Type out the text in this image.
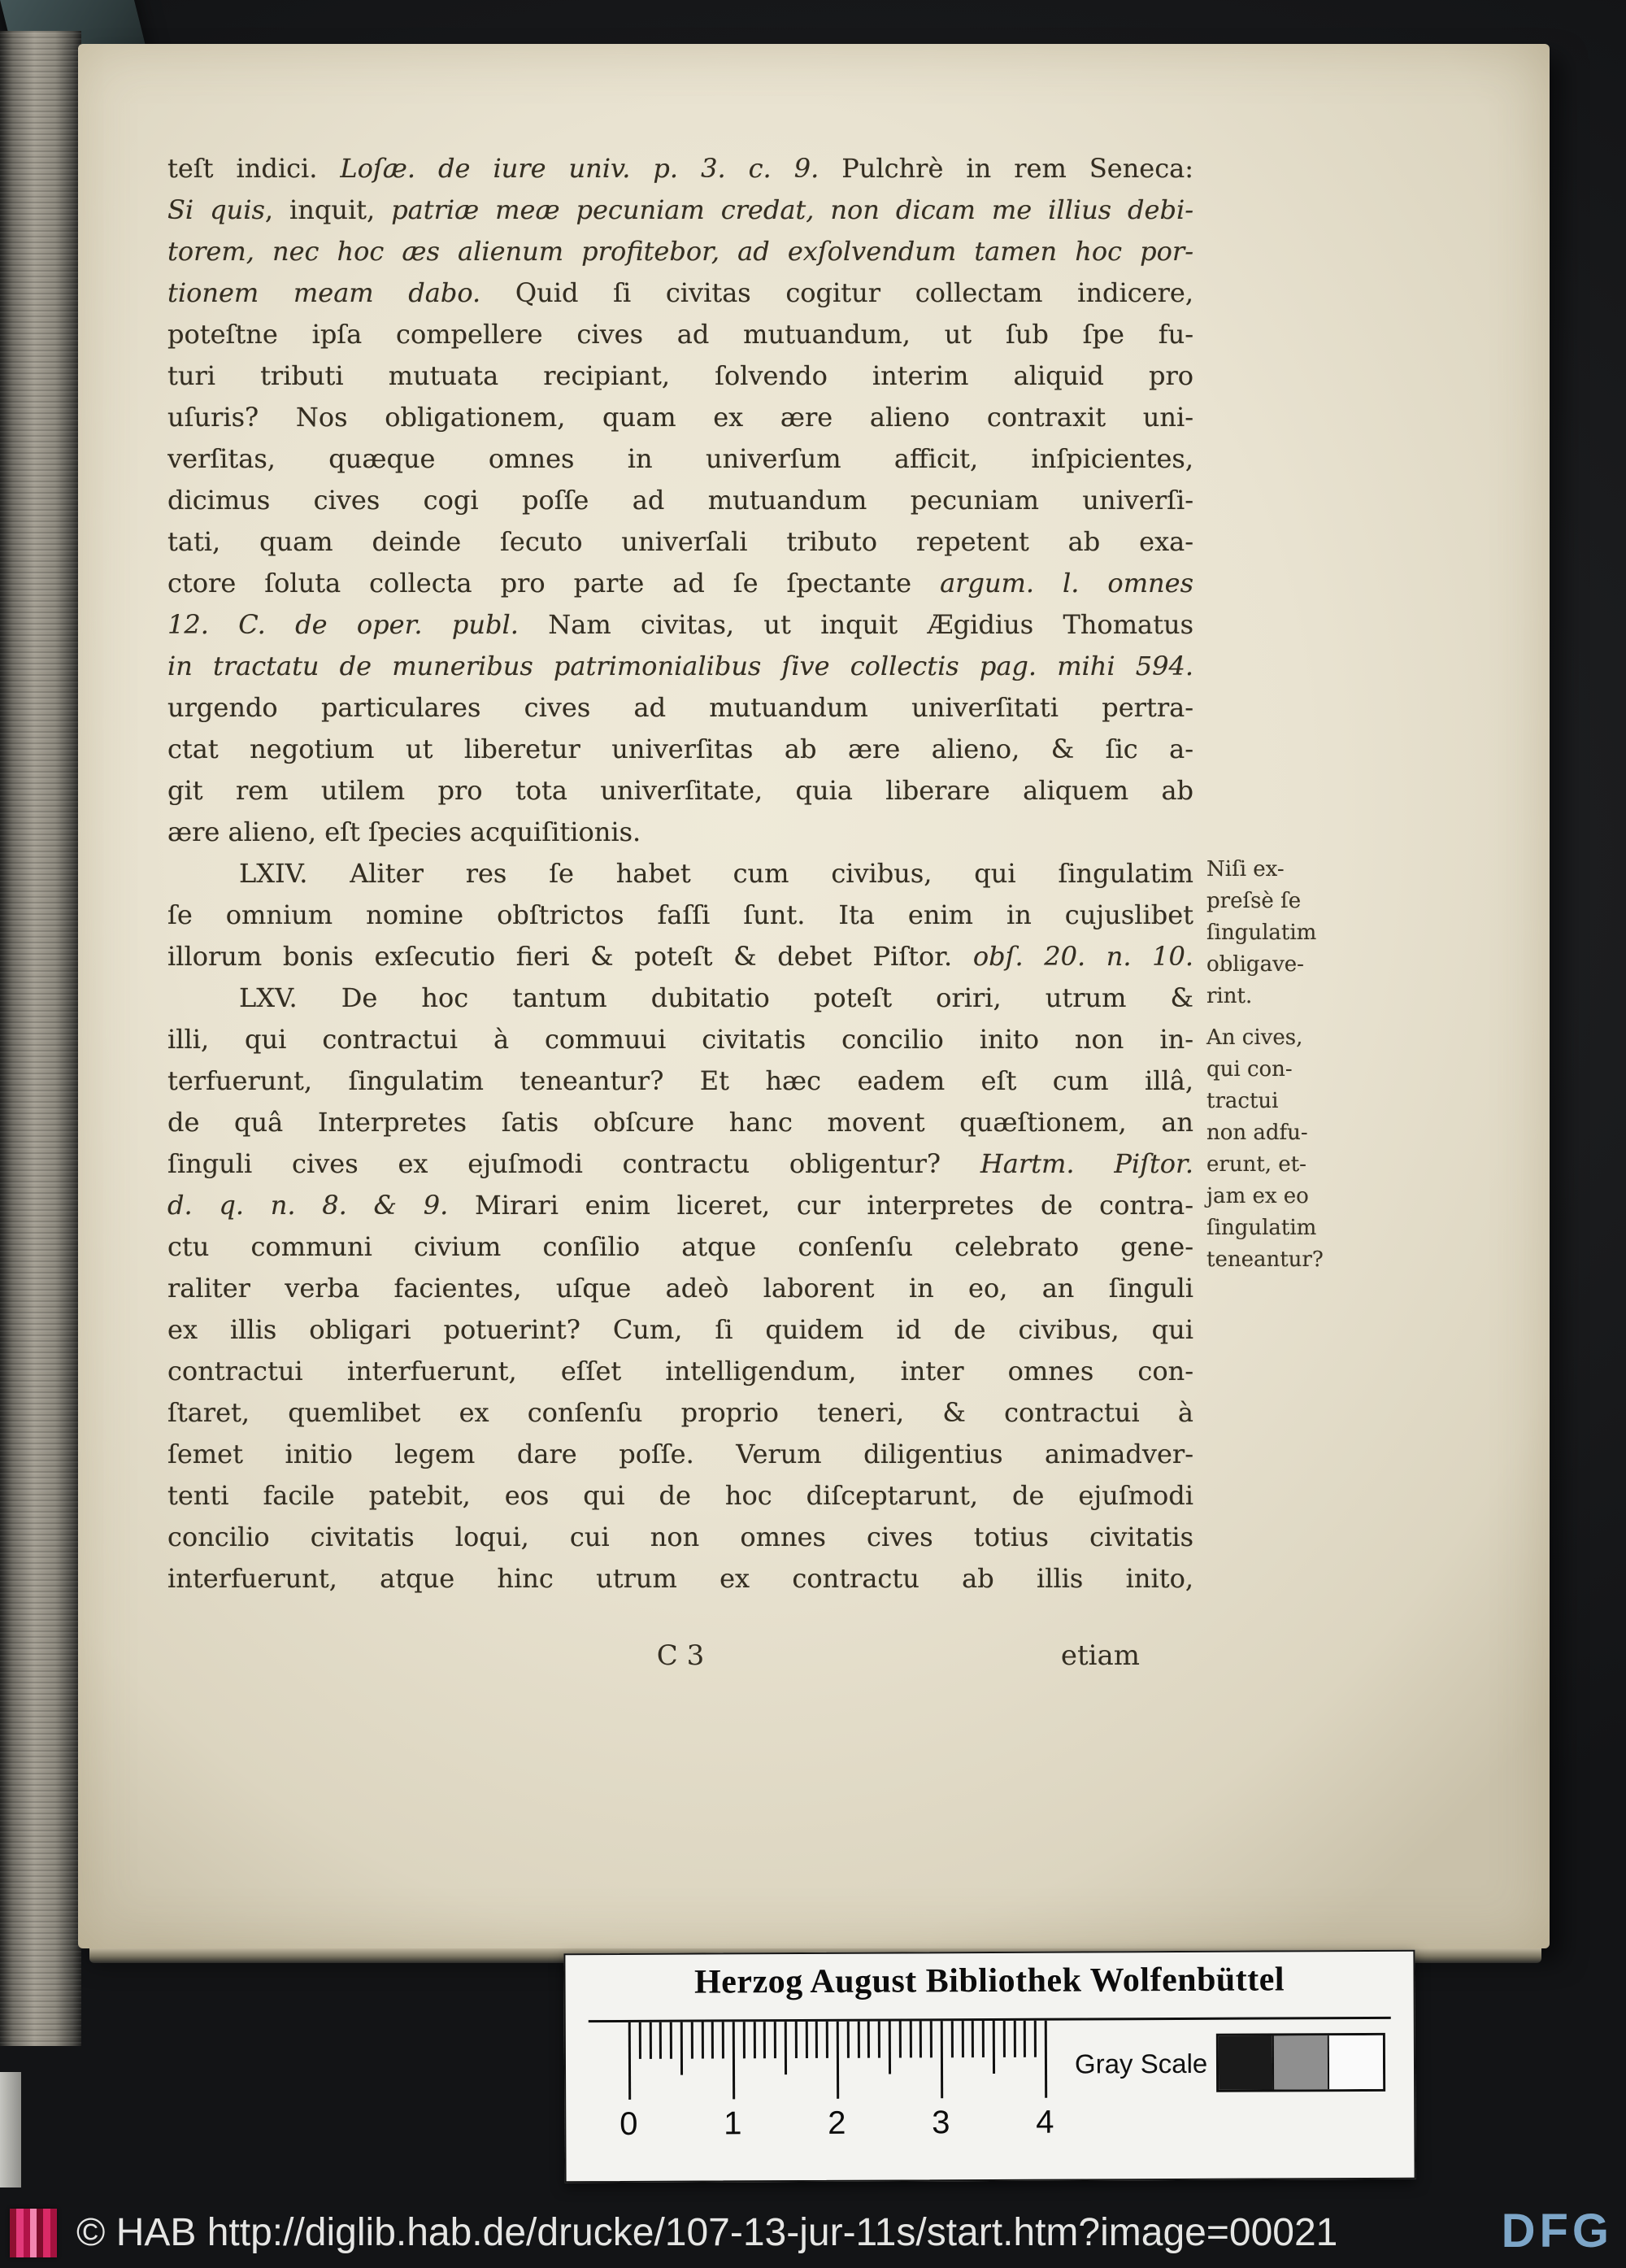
teſt indici. Loſæ. de iure univ. p. 3. c. 9. Pulchrè in rem Seneca:
Si quis, inquit, patriæ meæ pecuniam credat, non dicam me illius debi-
torem, nec hoc æs alienum profitebor, ad exſolvendum tamen hoc por-
tionem meam dabo. Quid ſi civitas cogitur collectam indicere,
poteſtne ipſa compellere cives ad mutuandum, ut ſub ſpe fu-
turi tributi mutuata recipiant, ſolvendo interim aliquid pro
uſuris? Nos obligationem, quam ex ære alieno contraxit uni-
verſitas, quæque omnes in univerſum afficit, inſpicientes,
dicimus cives cogi poſſe ad mutuandum pecuniam univerſi-
tati, quam deinde ſecuto univerſali tributo repetent ab exa-
ctore ſoluta collecta pro parte ad ſe ſpectante argum. l. omnes
12. C. de oper. publ. Nam civitas, ut inquit Ægidius Thomatus
in tractatu de muneribus patrimonialibus ſive collectis pag. mihi 594.
urgendo particulares cives ad mutuandum univerſitati pertra-
ctat negotium ut liberetur univerſitas ab ære alieno, & ſic a-
git rem utilem pro tota univerſitate, quia liberare aliquem ab
ære alieno, eſt ſpecies acquiſitionis.
LXIV. Aliter res ſe habet cum civibus, qui ſingulatim
ſe omnium nomine obſtrictos faſſi ſunt. Ita enim in cujuslibet
illorum bonis exſecutio fieri & poteſt & debet Piſtor. obſ. 20. n. 10.
LXV. De hoc tantum dubitatio poteſt oriri, utrum &
illi, qui contractui à commuui civitatis concilio inito non in-
terfuerunt, ſingulatim teneantur? Et hæc eadem eſt cum illâ,
de quâ Interpretes ſatis obſcure hanc movent quæſtionem, an
ſinguli cives ex ejuſmodi contractu obligentur? Hartm. Piſtor.
d. q. n. 8. & 9. Mirari enim liceret, cur interpretes de contra-
ctu communi civium conſilio atque conſenſu celebrato gene-
raliter verba facientes, uſque adeò laborent in eo, an ſinguli
ex illis obligari potuerint? Cum, ſi quidem id de civibus, qui
contractui interfuerunt, eſſet intelligendum, inter omnes con-
ſtaret, quemlibet ex conſenſu proprio teneri, & contractui à
ſemet initio legem dare poſſe. Verum diligentius animadver-
tenti facile patebit, eos qui de hoc diſceptarunt, de ejuſmodi
concilio civitatis loqui, cui non omnes cives totius civitatis
interfuerunt, atque hinc utrum ex contractu ab illis inito,
Niſi ex-
preſsè ſe
ſingulatim
obligave-
rint.
An cives,
qui con-
tractui
non adfu-
erunt, et-
jam ex eo
ſingulatim
teneantur?
C 3	etiam
Herzog August Bibliothek Wolfenbüttel
0	1	2	3	4
Gray Scale
© HAB http://diglib.hab.de/drucke/107-13-jur-11s/start.htm?image=00021	DFG
